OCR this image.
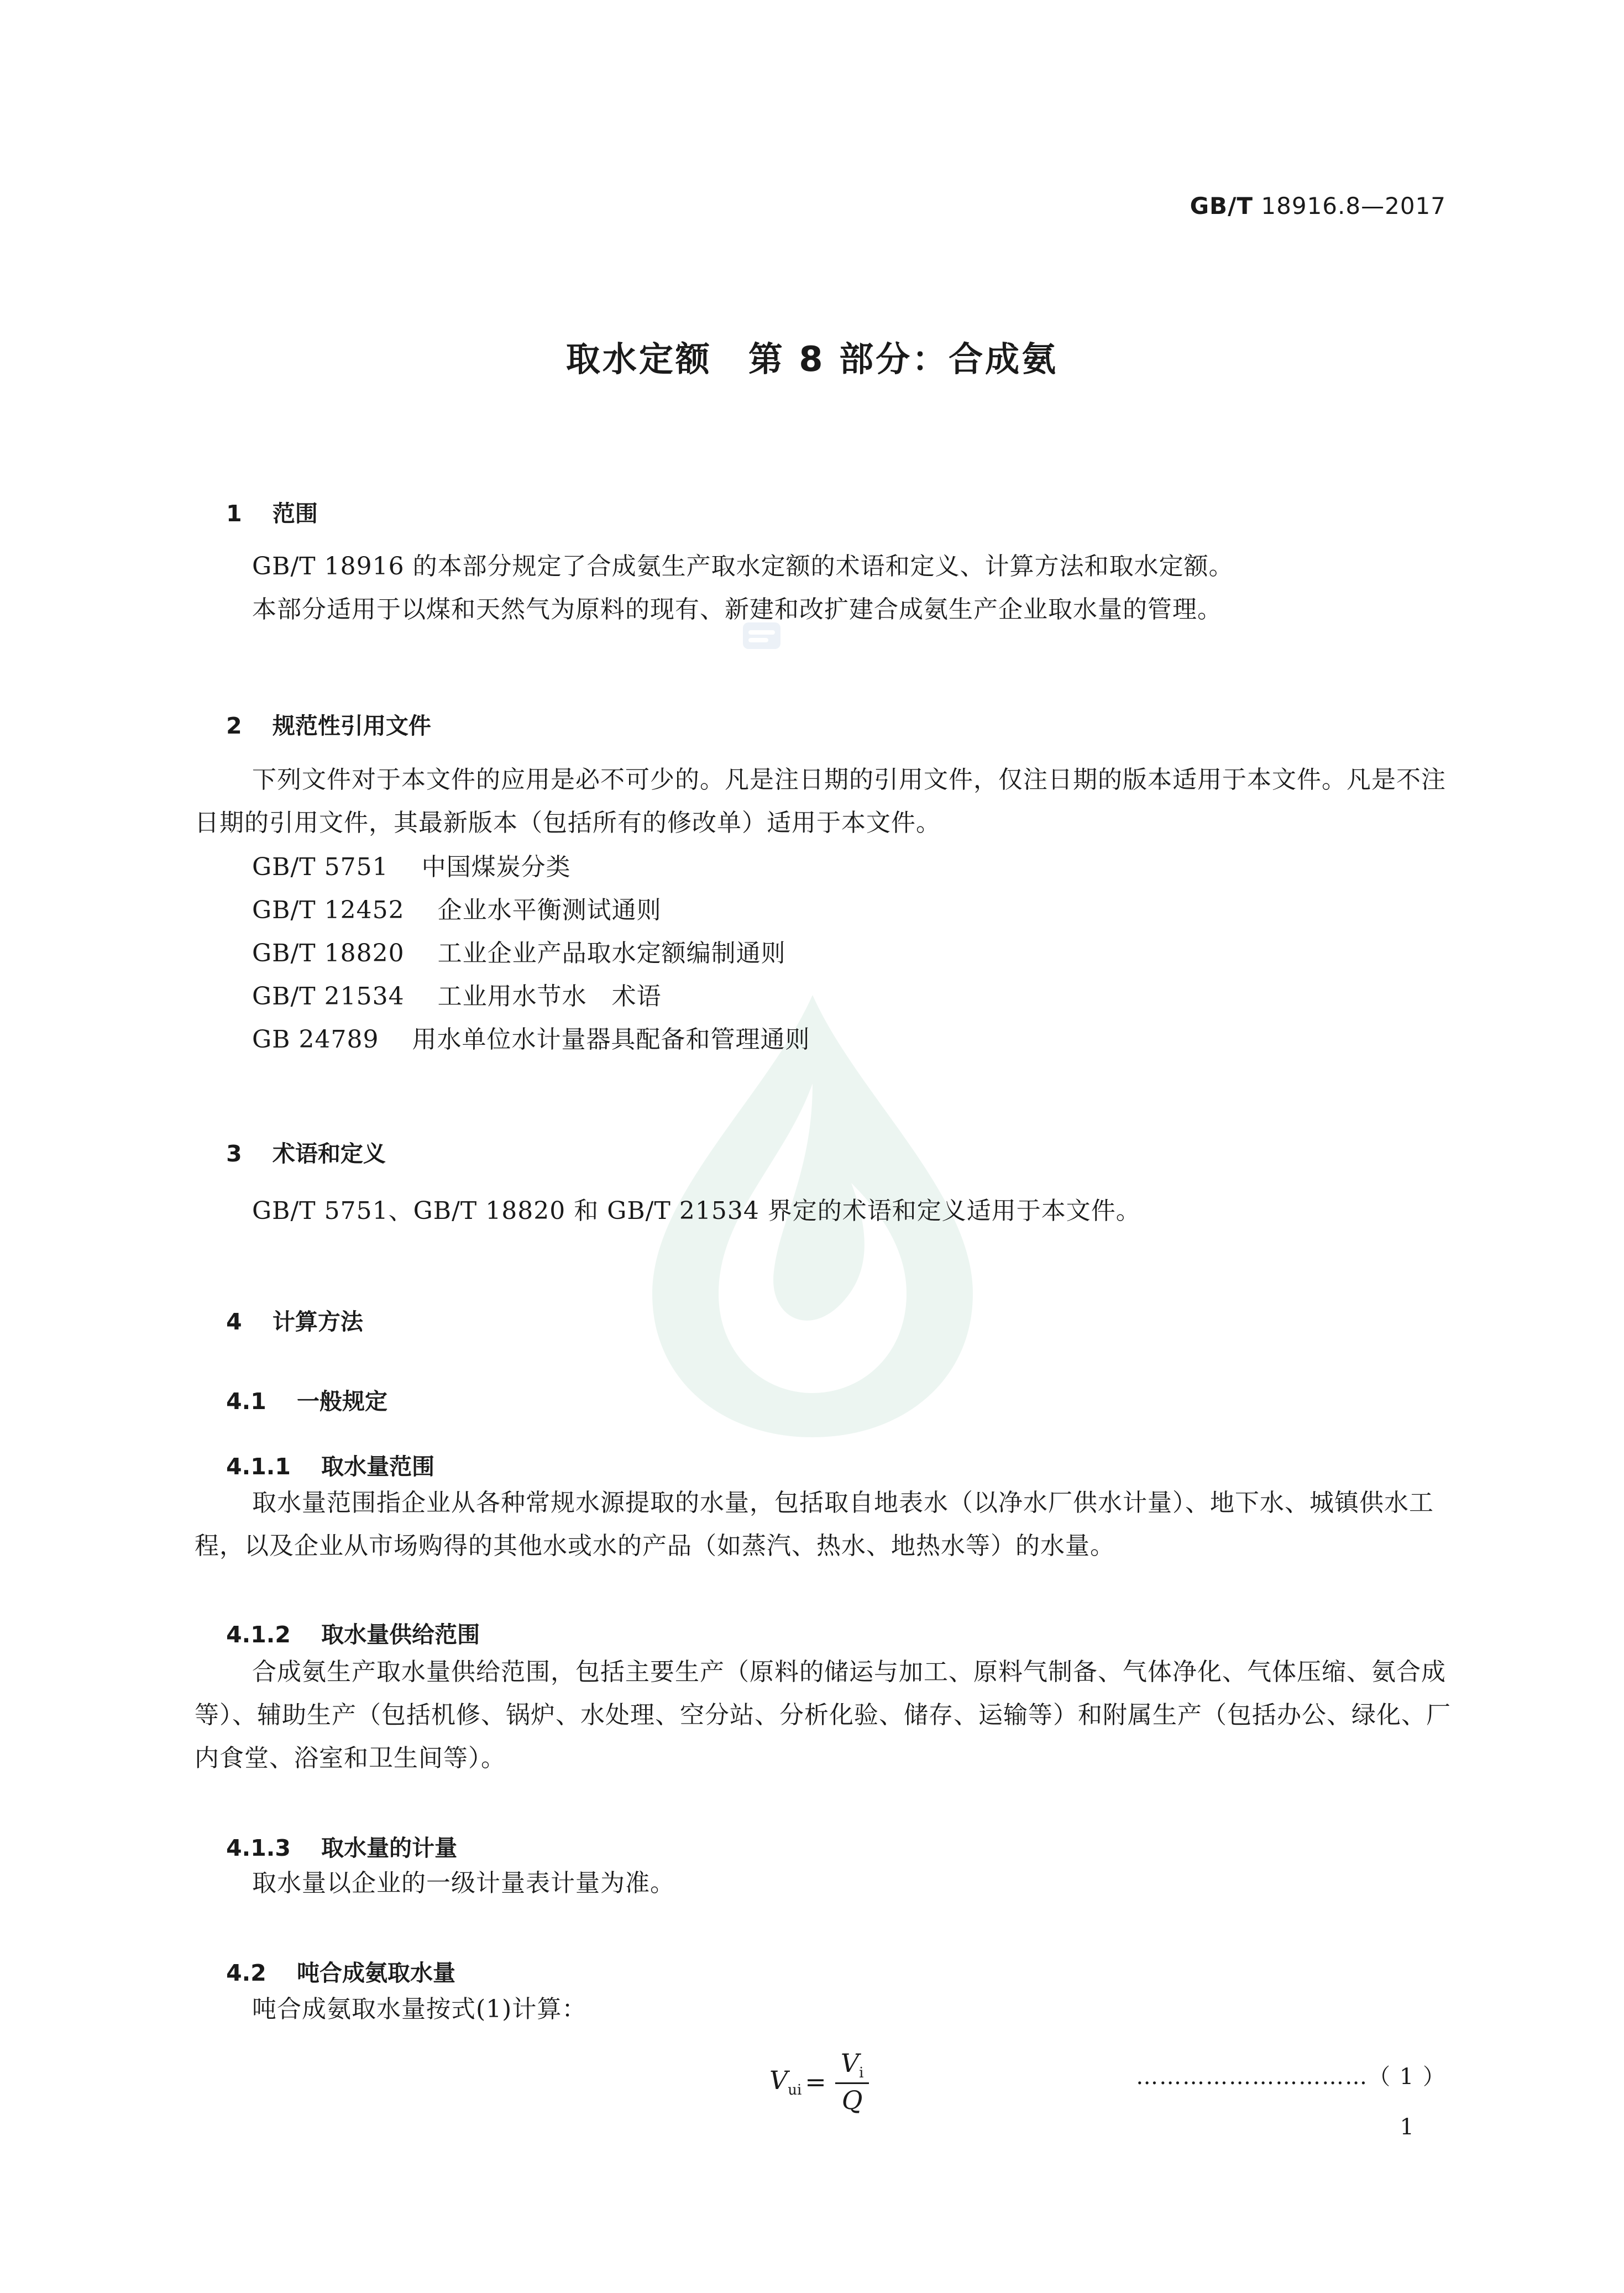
GB/T 18916.8—2017
取水定额　第 8 部分：合成氨

1　 范围

GB/T 18916 的本部分规定了合成氨生产取水定额的术语和定义、计算方法和取水定额。
本部分适用于以煤和天然气为原料的现有、新建和改扩建合成氨生产企业取水量的管理。

2　 规范性引用文件

下列文件对于本文件的应用是必不可少的。凡是注日期的引用文件，仅注日期的版本适用于本文件。凡是不注日期的引用文件，其最新版本（包括所有的修改单）适用于本文件。
GB/T 5751　 中国煤炭分类
GB/T 12452　 企业水平衡测试通则
GB/T 18820　 工业企业产品取水定额编制通则
GB/T 21534　 工业用水节水　术语
GB 24789　 用水单位水计量器具配备和管理通则

3　 术语和定义

GB/T 5751、GB/T 18820 和 GB/T 21534 界定的术语和定义适用于本文件。

4　 计算方法

4.1　 一般规定

4.1.1　 取水量范围

取水量范围指企业从各种常规水源提取的水量，包括取自地表水（以净水厂供水计量）、地下水、城镇供水工程，以及企业从市场购得的其他水或水的产品（如蒸汽、热水、地热水等）的水量。

4.1.2　 取水量供给范围

合成氨生产取水量供给范围，包括主要生产（原料的储运与加工、原料气制备、气体净化、气体压缩、氨合成等）、辅助生产（包括机修、锅炉、水处理、空分站、分析化验、储存、运输等）和附属生产（包括办公、绿化、厂内食堂、浴室和卫生间等）。

4.1.3　 取水量的计量

取水量以企业的一级计量表计量为准。

4.2　 吨合成氨取水量

吨合成氨取水量按式(1)计算：
$V_{ui} = \frac{V_i}{Q}$	…………………………（ 1 ）
1
